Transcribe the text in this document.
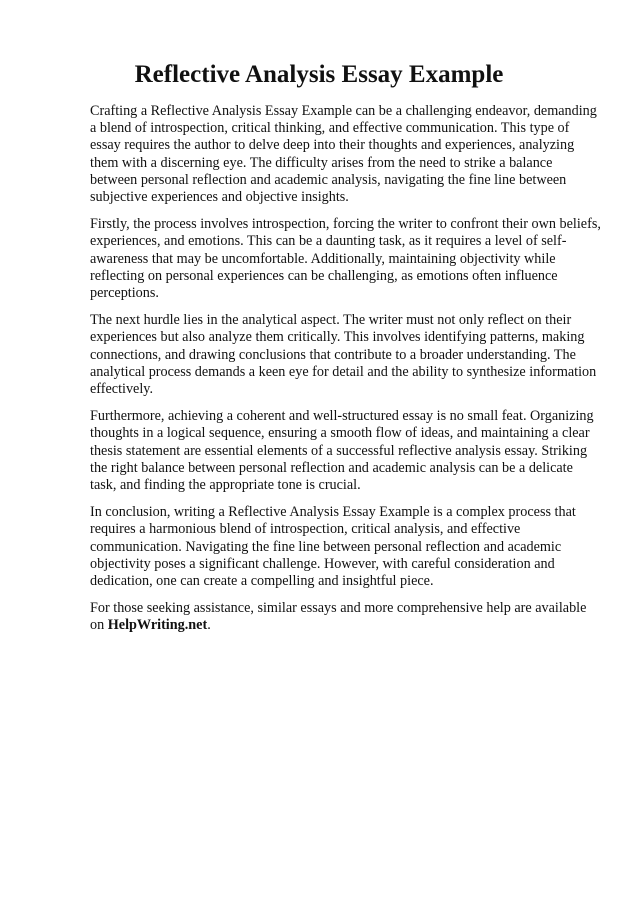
Reflective Analysis Essay Example

Crafting a Reflective Analysis Essay Example can be a challenging endeavor, demanding a blend of introspection, critical thinking, and effective communication. This type of essay requires the author to delve deep into their thoughts and experiences, analyzing them with a discerning eye. The difficulty arises from the need to strike a balance between personal reflection and academic analysis, navigating the fine line between subjective experiences and objective insights.

Firstly, the process involves introspection, forcing the writer to confront their own beliefs, experiences, and emotions. This can be a daunting task, as it requires a level of self-awareness that may be uncomfortable. Additionally, maintaining objectivity while reflecting on personal experiences can be challenging, as emotions often influence perceptions.

The next hurdle lies in the analytical aspect. The writer must not only reflect on their experiences but also analyze them critically. This involves identifying patterns, making connections, and drawing conclusions that contribute to a broader understanding. The analytical process demands a keen eye for detail and the ability to synthesize information effectively.

Furthermore, achieving a coherent and well-structured essay is no small feat. Organizing thoughts in a logical sequence, ensuring a smooth flow of ideas, and maintaining a clear thesis statement are essential elements of a successful reflective analysis essay. Striking the right balance between personal reflection and academic analysis can be a delicate task, and finding the appropriate tone is crucial.

In conclusion, writing a Reflective Analysis Essay Example is a complex process that requires a harmonious blend of introspection, critical analysis, and effective communication. Navigating the fine line between personal reflection and academic objectivity poses a significant challenge. However, with careful consideration and dedication, one can create a compelling and insightful piece.

For those seeking assistance, similar essays and more comprehensive help are available on HelpWriting.net.
